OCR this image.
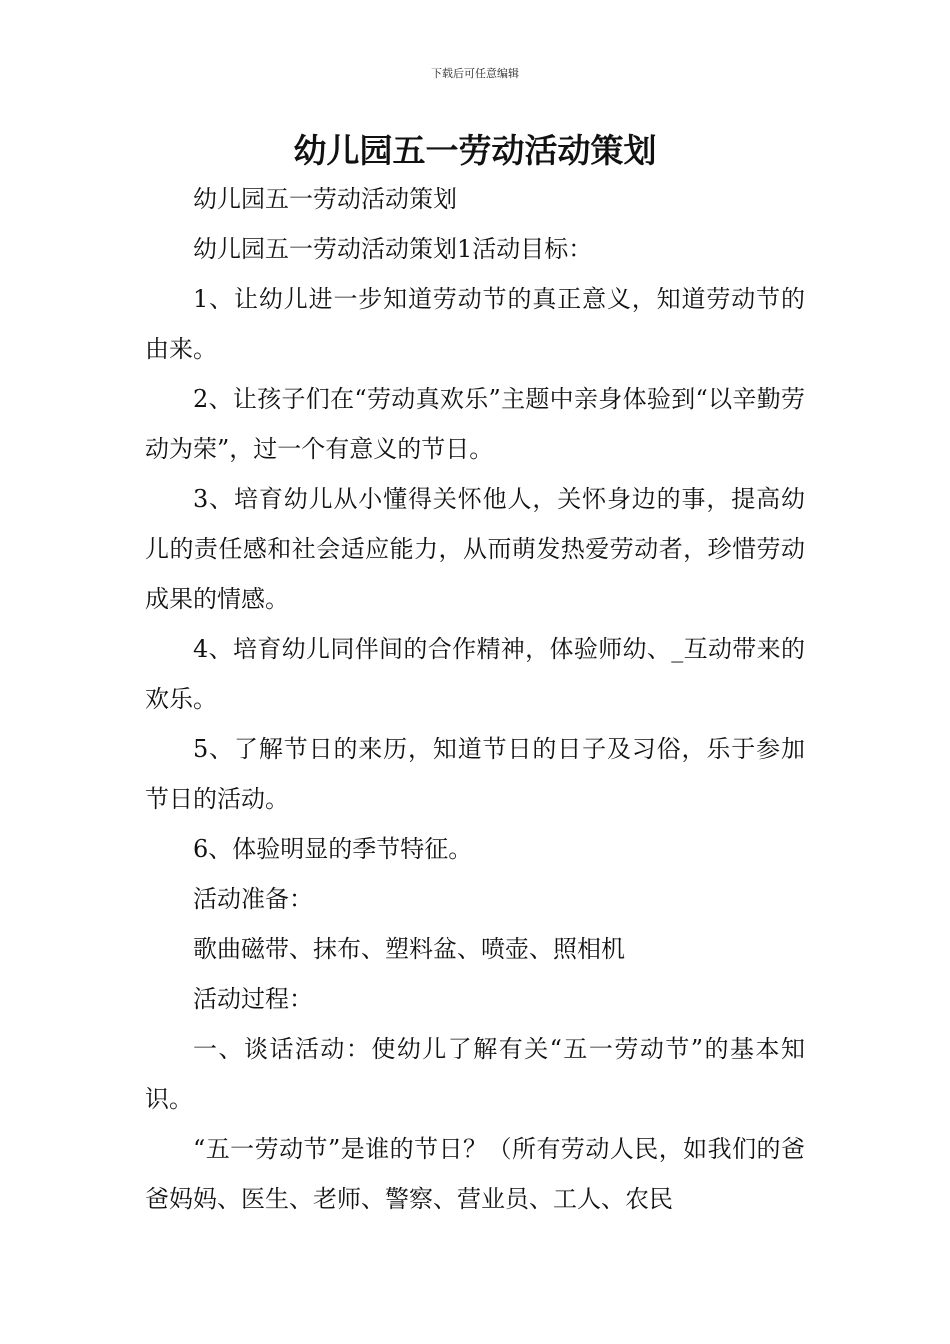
下载后可任意编辑
幼儿园五一劳动活动策划

幼儿园五一劳动活动策划

幼儿园五一劳动活动策划1活动目标：

1、让幼儿进一步知道劳动节的真正意义，知道劳动节的由来。

2、让孩子们在“劳动真欢乐”主题中亲身体验到“以辛勤劳动为荣”，过一个有意义的节日。

3、培育幼儿从小懂得关怀他人，关怀身边的事，提高幼儿的责任感和社会适应能力，从而萌发热爱劳动者，珍惜劳动成果的情感。

4、培育幼儿同伴间的合作精神，体验师幼、_互动带来的欢乐。

5、了解节日的来历，知道节日的日子及习俗，乐于参加节日的活动。

6、体验明显的季节特征。

活动准备：

歌曲磁带、抹布、塑料盆、喷壶、照相机

活动过程：

一、谈话活动：使幼儿了解有关“五一劳动节”的基本知识。

“五一劳动节”是谁的节日？（所有劳动人民，如我们的爸爸妈妈、医生、老师、警察、营业员、工人、农民
